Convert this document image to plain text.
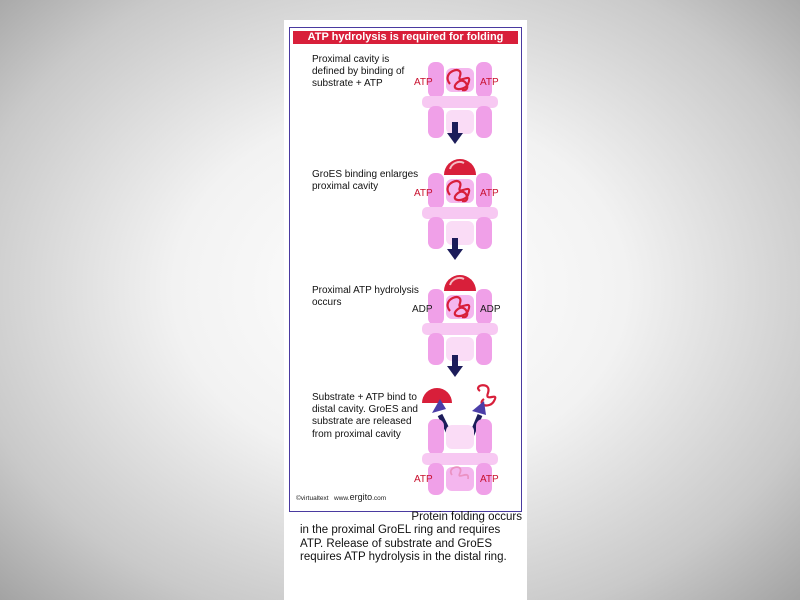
ATP hydrolysis is required for folding
Proximal cavity is defined by binding of substrate + ATP	ATP	ATP
GroES binding enlarges proximal cavity
ATP	ATP
Proximal ATP hydrolysis occurs
ADP	ADP
Substrate + ATP bind to distal cavity. GroES and substrate are released from proximal cavity
ATP	ATP
©virtualtext www.ergito.com
Protein folding occurs
in the proximal GroEL ring and requires ATP. Release of substrate and GroES requires ATP hydrolysis in the distal ring.
